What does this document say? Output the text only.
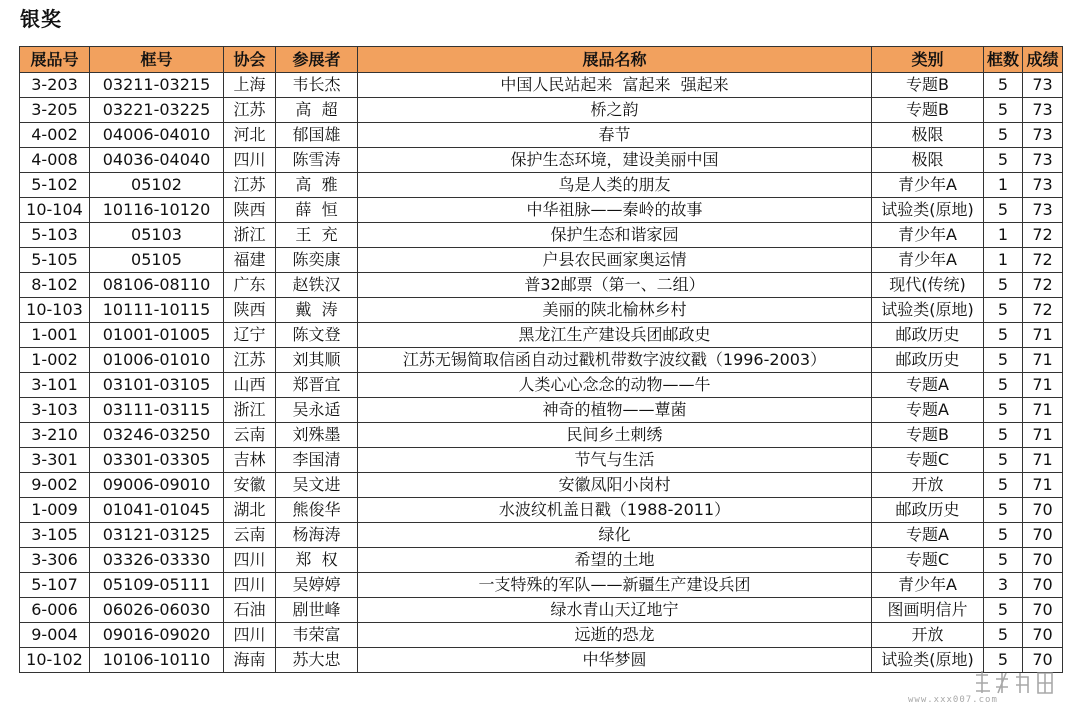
银奖
展品号	框号	协会	参展者	展品名称	类别	框数	成绩
3-203	03211-03215	上海	韦长杰	中国人民站起来  富起来  强起来	专题B	5	73
3-205	03221-03225	江苏	高  超	桥之韵	专题B	5	73
4-002	04006-04010	河北	郁国雄	春节	极限	5	73
4-008	04036-04040	四川	陈雪涛	保护生态环境，建设美丽中国	极限	5	73
5-102	05102	江苏	高  雅	鸟是人类的朋友	青少年A	1	73
10-104	10116-10120	陕西	薛  恒	中华祖脉——秦岭的故事	试验类(原地)	5	73
5-103	05103	浙江	王  充	保护生态和谐家园	青少年A	1	72
5-105	05105	福建	陈奕康	户县农民画家奥运情	青少年A	1	72
8-102	08106-08110	广东	赵铁汉	普32邮票（第一、二组）	现代(传统)	5	72
10-103	10111-10115	陕西	戴  涛	美丽的陕北榆林乡村	试验类(原地)	5	72
1-001	01001-01005	辽宁	陈文登	黑龙江生产建设兵团邮政史	邮政历史	5	71
1-002	01006-01010	江苏	刘其顺	江苏无锡简取信函自动过戳机带数字波纹戳（1996-2003）	邮政历史	5	71
3-101	03101-03105	山西	郑晋宜	人类心心念念的动物——牛	专题A	5	71
3-103	03111-03115	浙江	吴永适	神奇的植物——蕈菌	专题A	5	71
3-210	03246-03250	云南	刘殊墨	民间乡土刺绣	专题B	5	71
3-301	03301-03305	吉林	李国清	节气与生活	专题C	5	71
9-002	09006-09010	安徽	吴文进	安徽凤阳小岗村	开放	5	71
1-009	01041-01045	湖北	熊俊华	水波纹机盖日戳（1988-2011）	邮政历史	5	70
3-105	03121-03125	云南	杨海涛	绿化	专题A	5	70
3-306	03326-03330	四川	郑  权	希望的土地	专题C	5	70
5-107	05109-05111	四川	吴婷婷	一支特殊的军队——新疆生产建设兵团	青少年A	3	70
6-006	06026-06030	石油	剧世峰	绿水青山天辽地宁	图画明信片	5	70
9-004	09016-09020	四川	韦荣富	远逝的恐龙	开放	5	70
10-102	10106-10110	海南	苏大忠	中华梦圆	试验类(原地)	5	70
www.xxx007.com
